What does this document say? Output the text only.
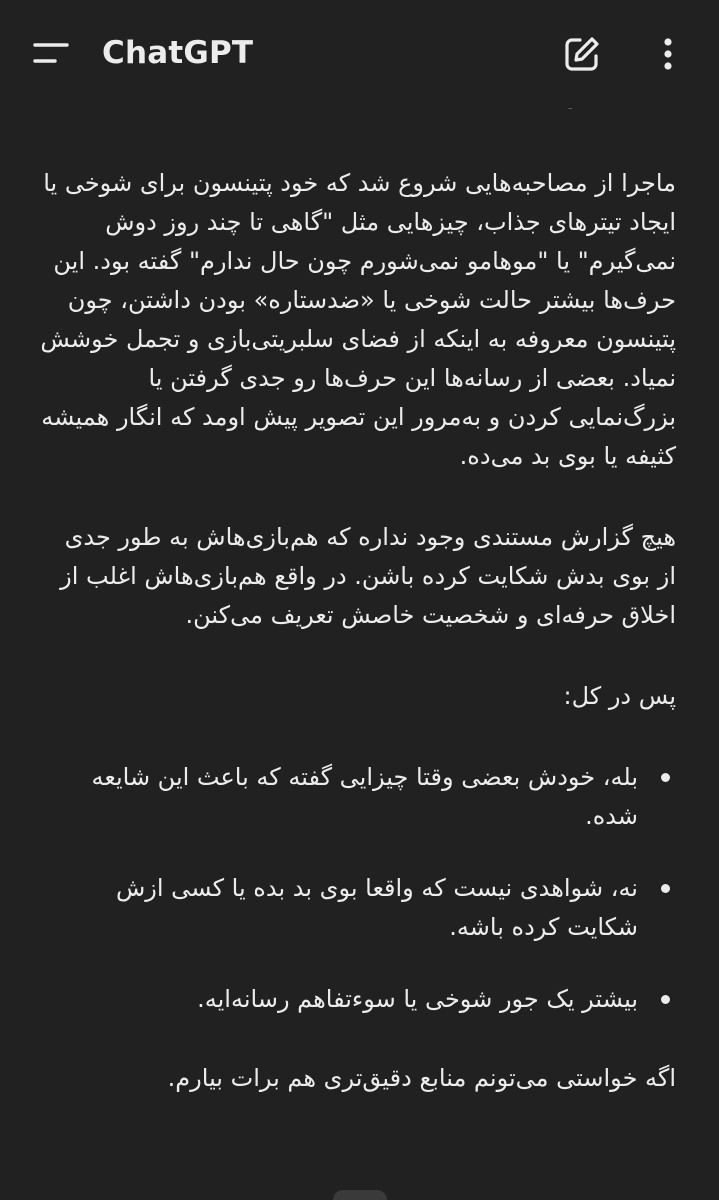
ChatGPT

ماجرا از مصاحبه‌هایی شروع شد که خود پتینسون برای شوخی یا ایجاد تیترهای جذاب، چیزهایی مثل "گاهی تا چند روز دوش نمی‌گیرم" یا "موهامو نمی‌شورم چون حال ندارم" گفته بود. این حرف‌ها بیشتر حالت شوخی یا «ضدستاره» بودن داشتن، چون پتینسون معروفه به اینکه از فضای سلبریتی‌بازی و تجمل خوشش نمیاد. بعضی از رسانه‌ها این حرف‌ها رو جدی گرفتن یا بزرگ‌نمایی کردن و به‌مرور این تصویر پیش اومد که انگار همیشه کثیفه یا بوی بد می‌ده.

هیچ گزارش مستندی وجود نداره که هم‌بازی‌هاش به طور جدی از بوی بدش شکایت کرده باشن. در واقع هم‌بازی‌هاش اغلب از اخلاق حرفه‌ای و شخصیت خاصش تعریف می‌کنن.

پس در کل:

بله، خودش بعضی وقتا چیزایی گفته که باعث این شایعه شده.
نه، شواهدی نیست که واقعا بوی بد بده یا کسی ازش شکایت کرده باشه.
بیشتر یک جور شوخی یا سوءتفاهم رسانه‌ایه.

اگه خواستی می‌تونم منابع دقیق‌تری هم برات بیارم.
